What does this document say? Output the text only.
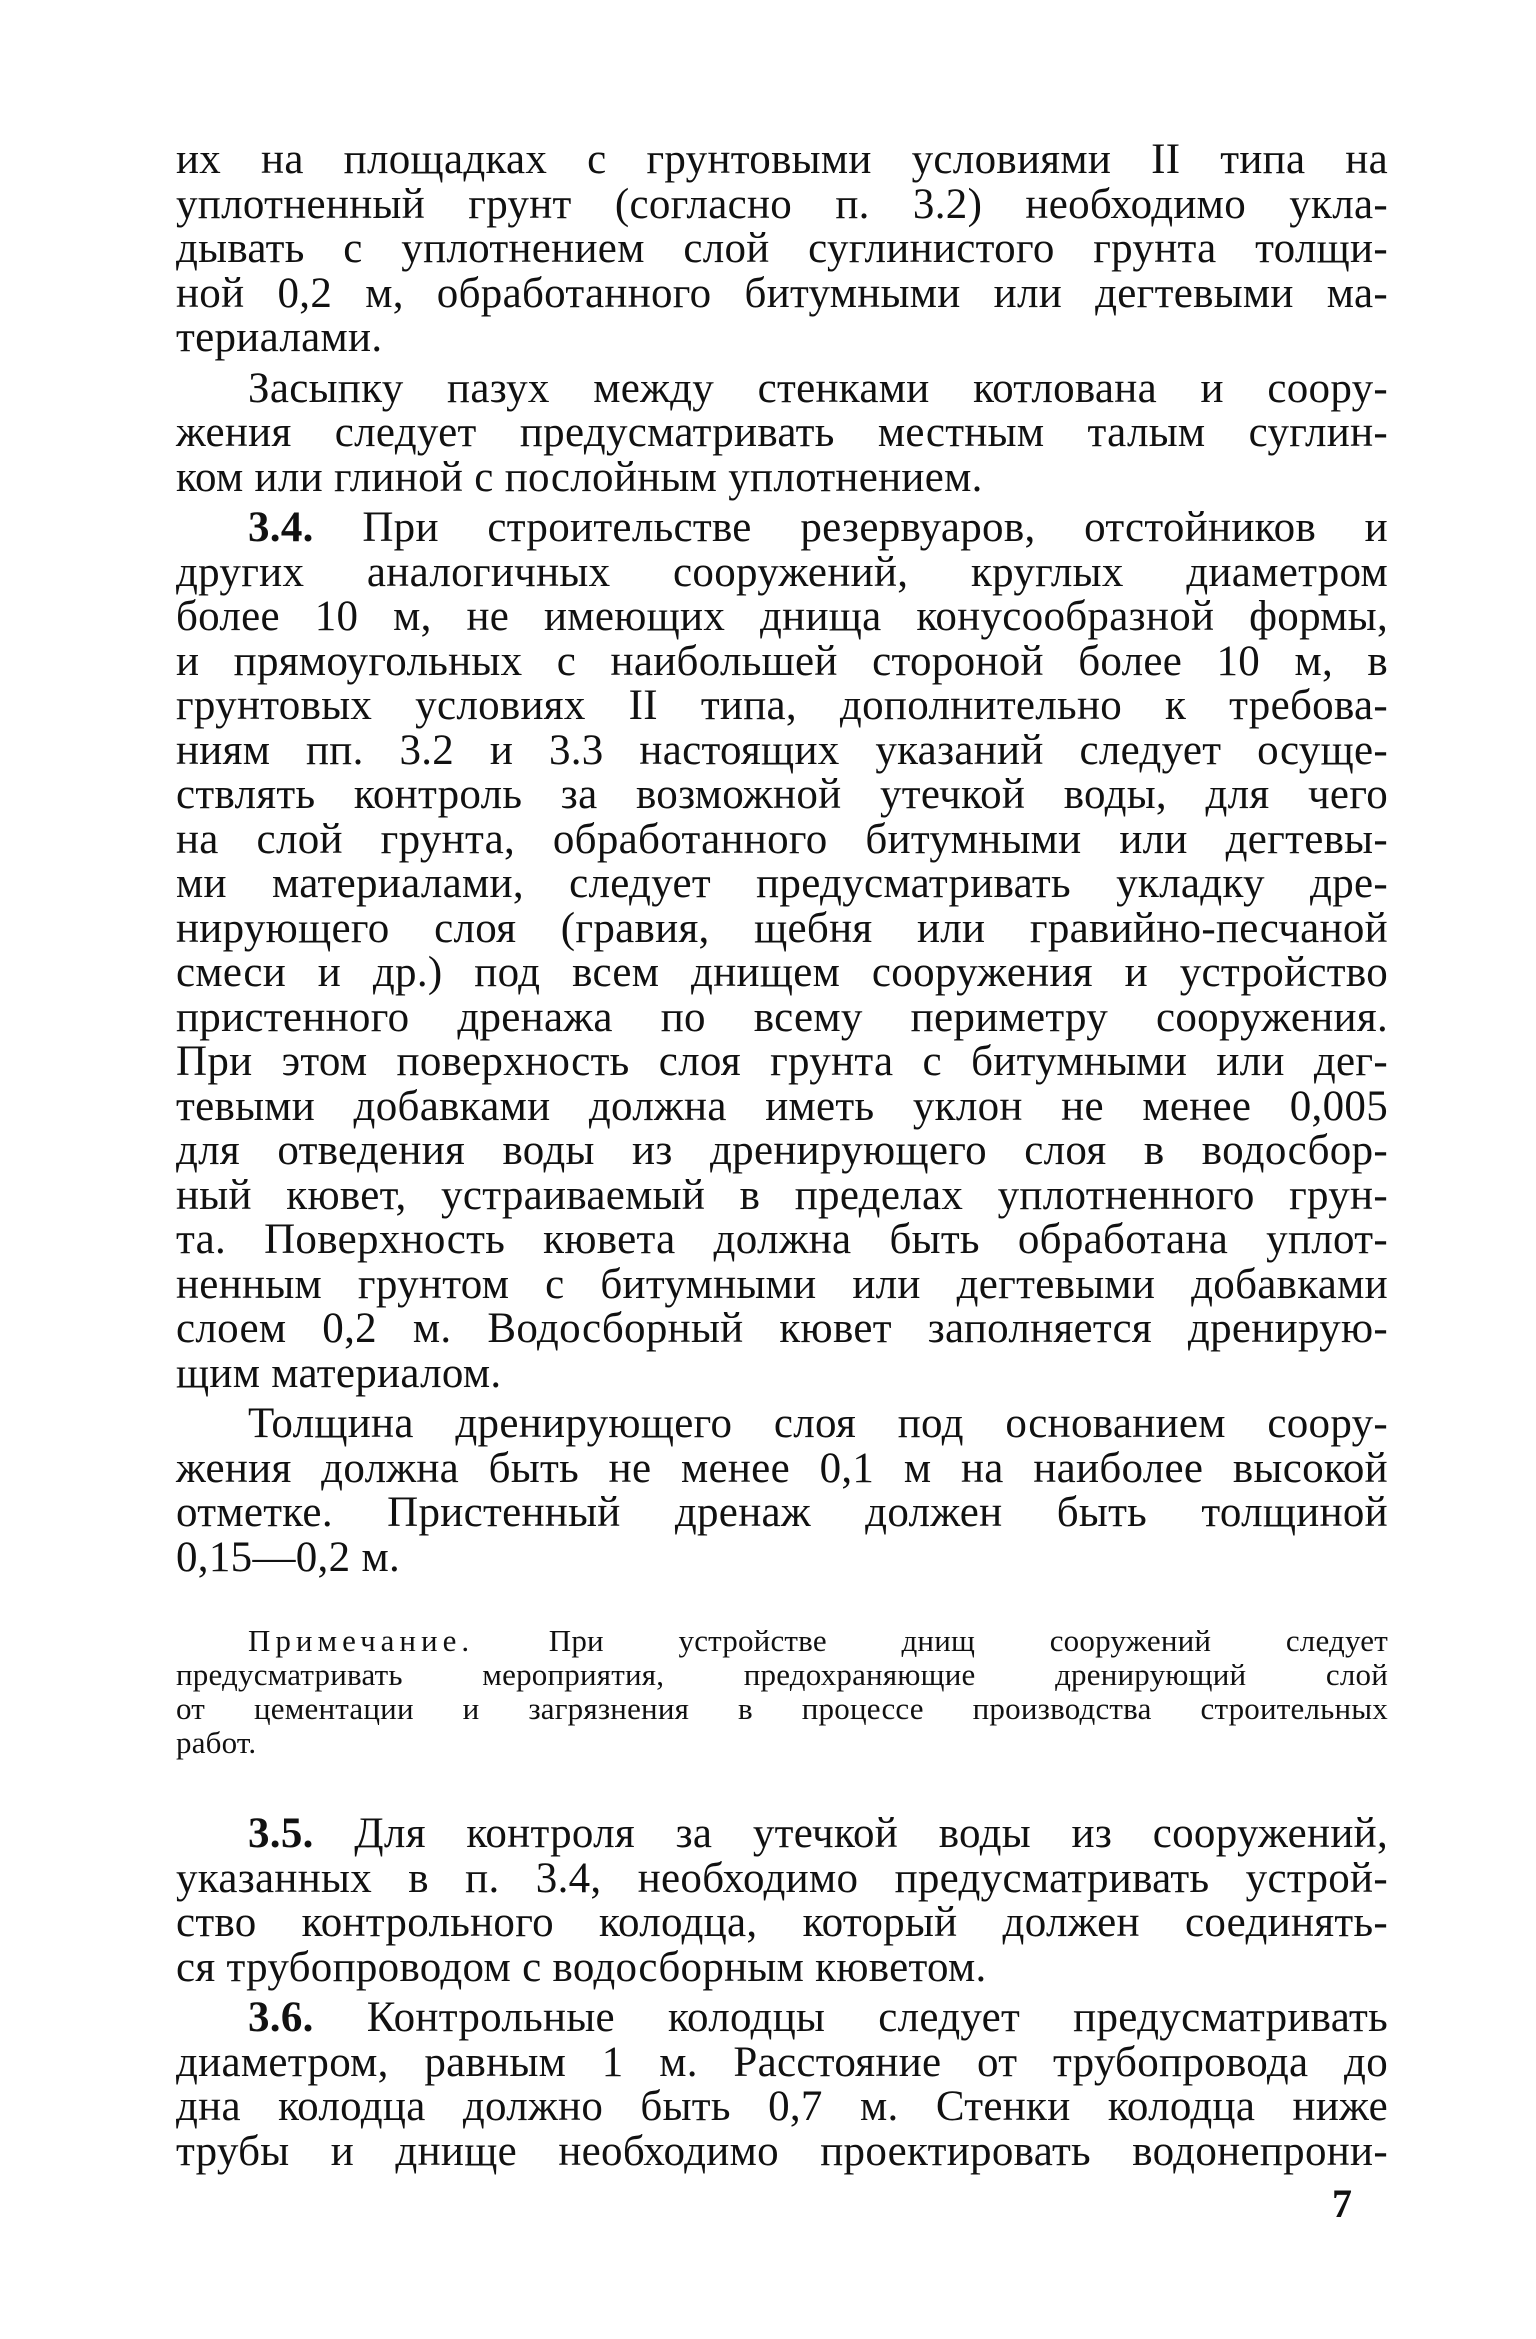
их на площадках с грунтовыми условиями II типа на
уплотненный грунт (согласно п. 3.2) необходимо укла-
дывать с уплотнением слой суглинистого грунта толщи-
ной 0,2 м, обработанного битумными или дегтевыми ма-
териалами.
Засыпку пазух между стенками котлована и соору-
жения следует предусматривать местным талым суглин-
ком или глиной с послойным уплотнением.
3.4. При строительстве резервуаров, отстойников и
других аналогичных сооружений, круглых диаметром
более 10 м, не имеющих днища конусообразной формы,
и прямоугольных с наибольшей стороной более 10 м, в
грунтовых условиях II типа, дополнительно к требова-
ниям пп. 3.2 и 3.3 настоящих указаний следует осуще-
ствлять контроль за возможной утечкой воды, для чего
на слой грунта, обработанного битумными или дегтевы-
ми материалами, следует предусматривать укладку дре-
нирующего слоя (гравия, щебня или гравийно-песчаной
смеси и др.) под всем днищем сооружения и устройство
пристенного дренажа по всему периметру сооружения.
При этом поверхность слоя грунта с битумными или дег-
тевыми добавками должна иметь уклон не менее 0,005
для отведения воды из дренирующего слоя в водосбор-
ный кювет, устраиваемый в пределах уплотненного грун-
та. Поверхность кювета должна быть обработана уплот-
ненным грунтом с битумными или дегтевыми добавками
слоем 0,2 м. Водосборный кювет заполняется дренирую-
щим материалом.
Толщина дренирующего слоя под основанием соору-
жения должна быть не менее 0,1 м на наиболее высокой
отметке. Пристенный дренаж должен быть толщиной
0,15—0,2 м.
Примечание. При устройстве днищ сооружений следует
предусматривать мероприятия, предохраняющие дренирующий слой
от цементации и загрязнения в процессе производства строительных
работ.
3.5. Для контроля за утечкой воды из сооружений,
указанных в п. 3.4, необходимо предусматривать устрой-
ство контрольного колодца, который должен соединять-
ся трубопроводом с водосборным кюветом.
3.6. Контрольные колодцы следует предусматривать
диаметром, равным 1 м. Расстояние от трубопровода до
дна колодца должно быть 0,7 м. Стенки колодца ниже
трубы и днище необходимо проектировать водонепрони-
7
